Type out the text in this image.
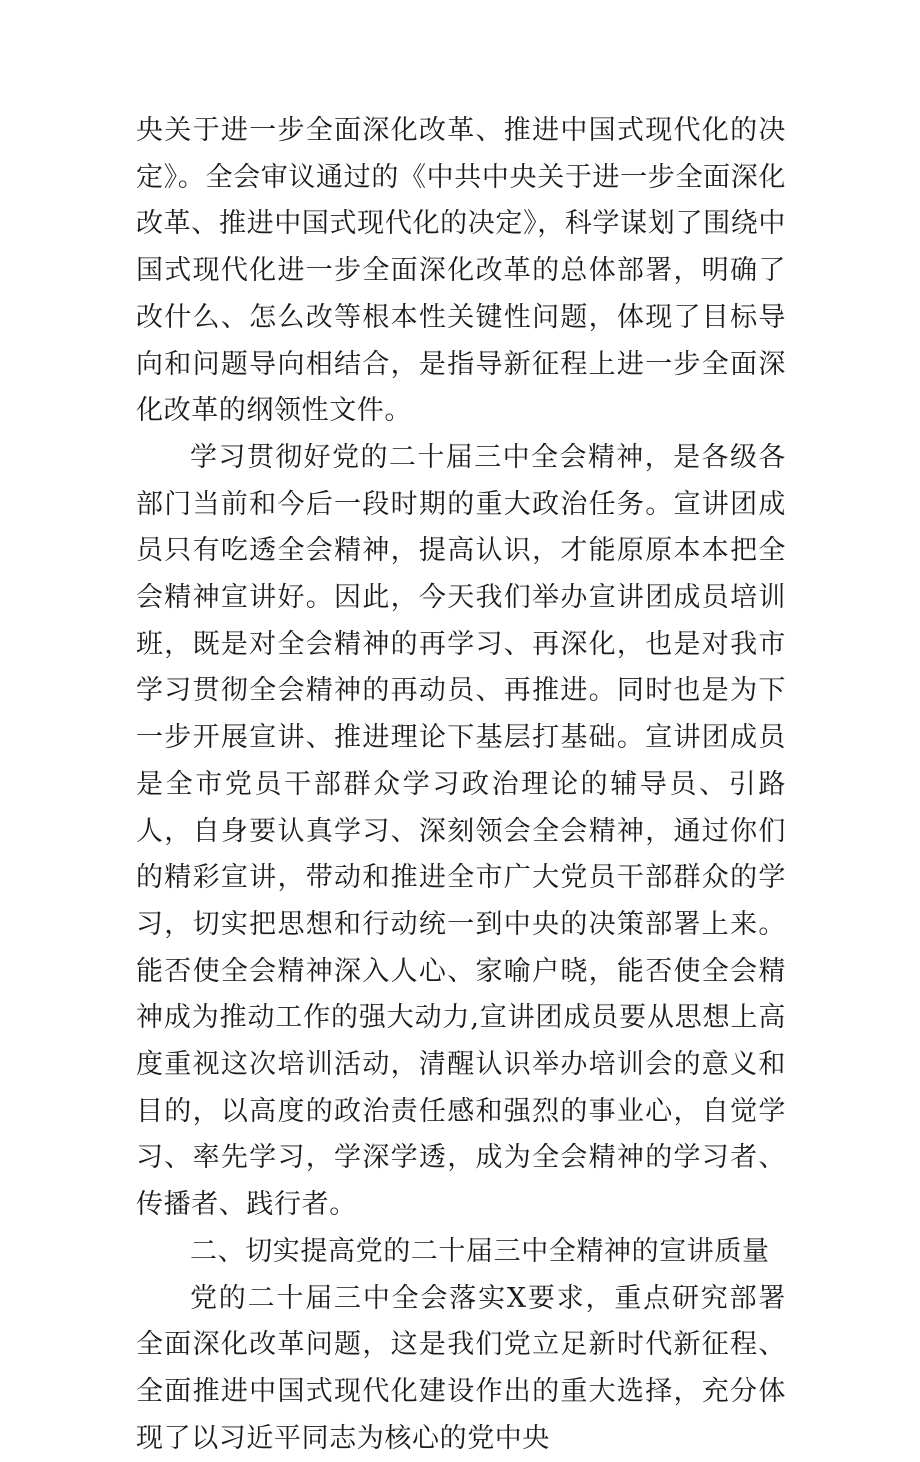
央关于进一步全面深化改革、推进中国式现代化的决定》。全会审议通过的《中共中央关于进一步全面深化改革、推进中国式现代化的决定》，科学谋划了围绕中国式现代化进一步全面深化改革的总体部署，明确了改什么、怎么改等根本性关键性问题，体现了目标导向和问题导向相结合，是指导新征程上进一步全面深化改革的纲领性文件。

学习贯彻好党的二十届三中全会精神，是各级各部门当前和今后一段时期的重大政治任务。宣讲团成员只有吃透全会精神，提高认识，才能原原本本把全会精神宣讲好。因此，今天我们举办宣讲团成员培训班，既是对全会精神的再学习、再深化，也是对我市学习贯彻全会精神的再动员、再推进。同时也是为下一步开展宣讲、推进理论下基层打基础。宣讲团成员是全市党员干部群众学习政治理论的辅导员、引路人，自身要认真学习、深刻领会全会精神，通过你们的精彩宣讲，带动和推进全市广大党员干部群众的学习，切实把思想和行动统一到中央的决策部署上来。能否使全会精神深入人心、家喻户晓，能否使全会精神成为推动工作的强大动力,宣讲团成员要从思想上高度重视这次培训活动，清醒认识举办培训会的意义和目的，以高度的政治责任感和强烈的事业心，自觉学习、率先学习，学深学透，成为全会精神的学习者、传播者、践行者。

二、切实提高党的二十届三中全精神的宣讲质量

党的二十届三中全会落实X要求，重点研究部署全面深化改革问题，这是我们党立足新时代新征程、全面推进中国式现代化建设作出的重大选择，充分体现了以习近平同志为核心的党中央
